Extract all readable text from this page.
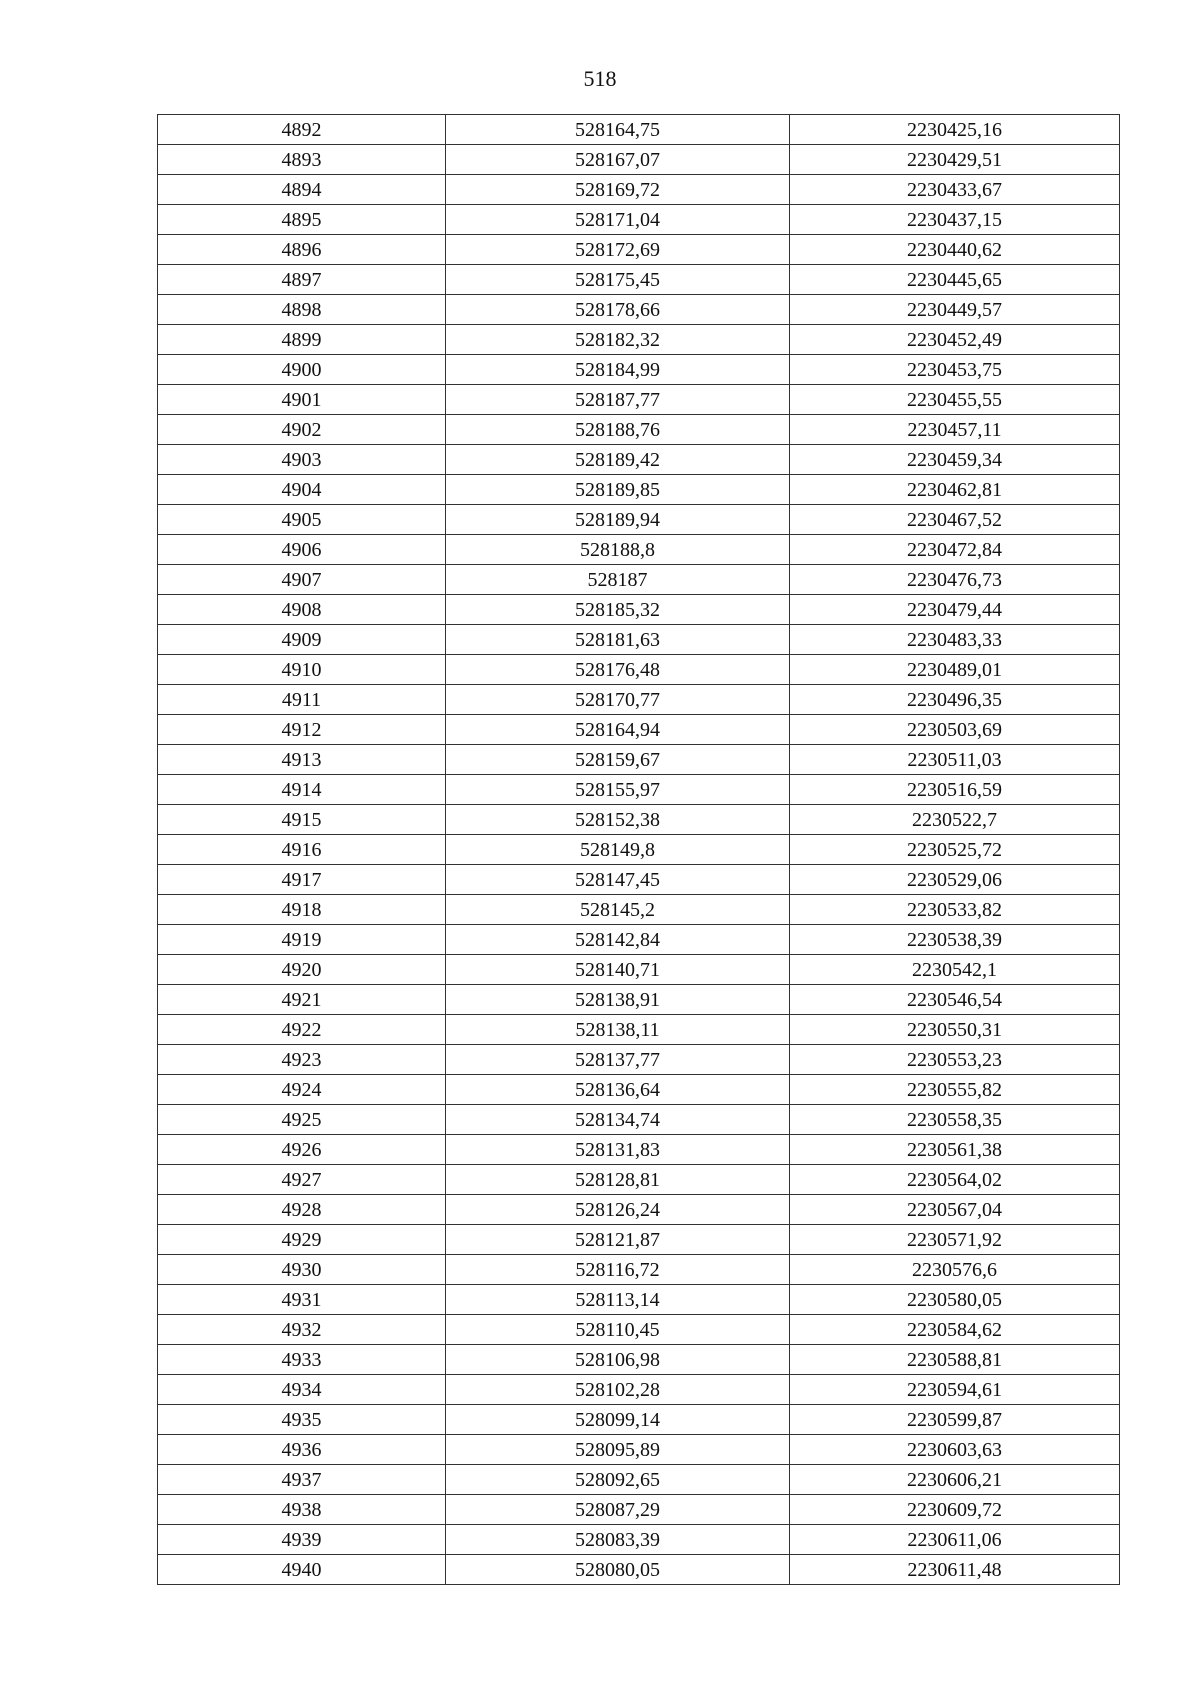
518
4892	528164,75	2230425,16
4893	528167,07	2230429,51
4894	528169,72	2230433,67
4895	528171,04	2230437,15
4896	528172,69	2230440,62
4897	528175,45	2230445,65
4898	528178,66	2230449,57
4899	528182,32	2230452,49
4900	528184,99	2230453,75
4901	528187,77	2230455,55
4902	528188,76	2230457,11
4903	528189,42	2230459,34
4904	528189,85	2230462,81
4905	528189,94	2230467,52
4906	528188,8	2230472,84
4907	528187	2230476,73
4908	528185,32	2230479,44
4909	528181,63	2230483,33
4910	528176,48	2230489,01
4911	528170,77	2230496,35
4912	528164,94	2230503,69
4913	528159,67	2230511,03
4914	528155,97	2230516,59
4915	528152,38	2230522,7
4916	528149,8	2230525,72
4917	528147,45	2230529,06
4918	528145,2	2230533,82
4919	528142,84	2230538,39
4920	528140,71	2230542,1
4921	528138,91	2230546,54
4922	528138,11	2230550,31
4923	528137,77	2230553,23
4924	528136,64	2230555,82
4925	528134,74	2230558,35
4926	528131,83	2230561,38
4927	528128,81	2230564,02
4928	528126,24	2230567,04
4929	528121,87	2230571,92
4930	528116,72	2230576,6
4931	528113,14	2230580,05
4932	528110,45	2230584,62
4933	528106,98	2230588,81
4934	528102,28	2230594,61
4935	528099,14	2230599,87
4936	528095,89	2230603,63
4937	528092,65	2230606,21
4938	528087,29	2230609,72
4939	528083,39	2230611,06
4940	528080,05	2230611,48
